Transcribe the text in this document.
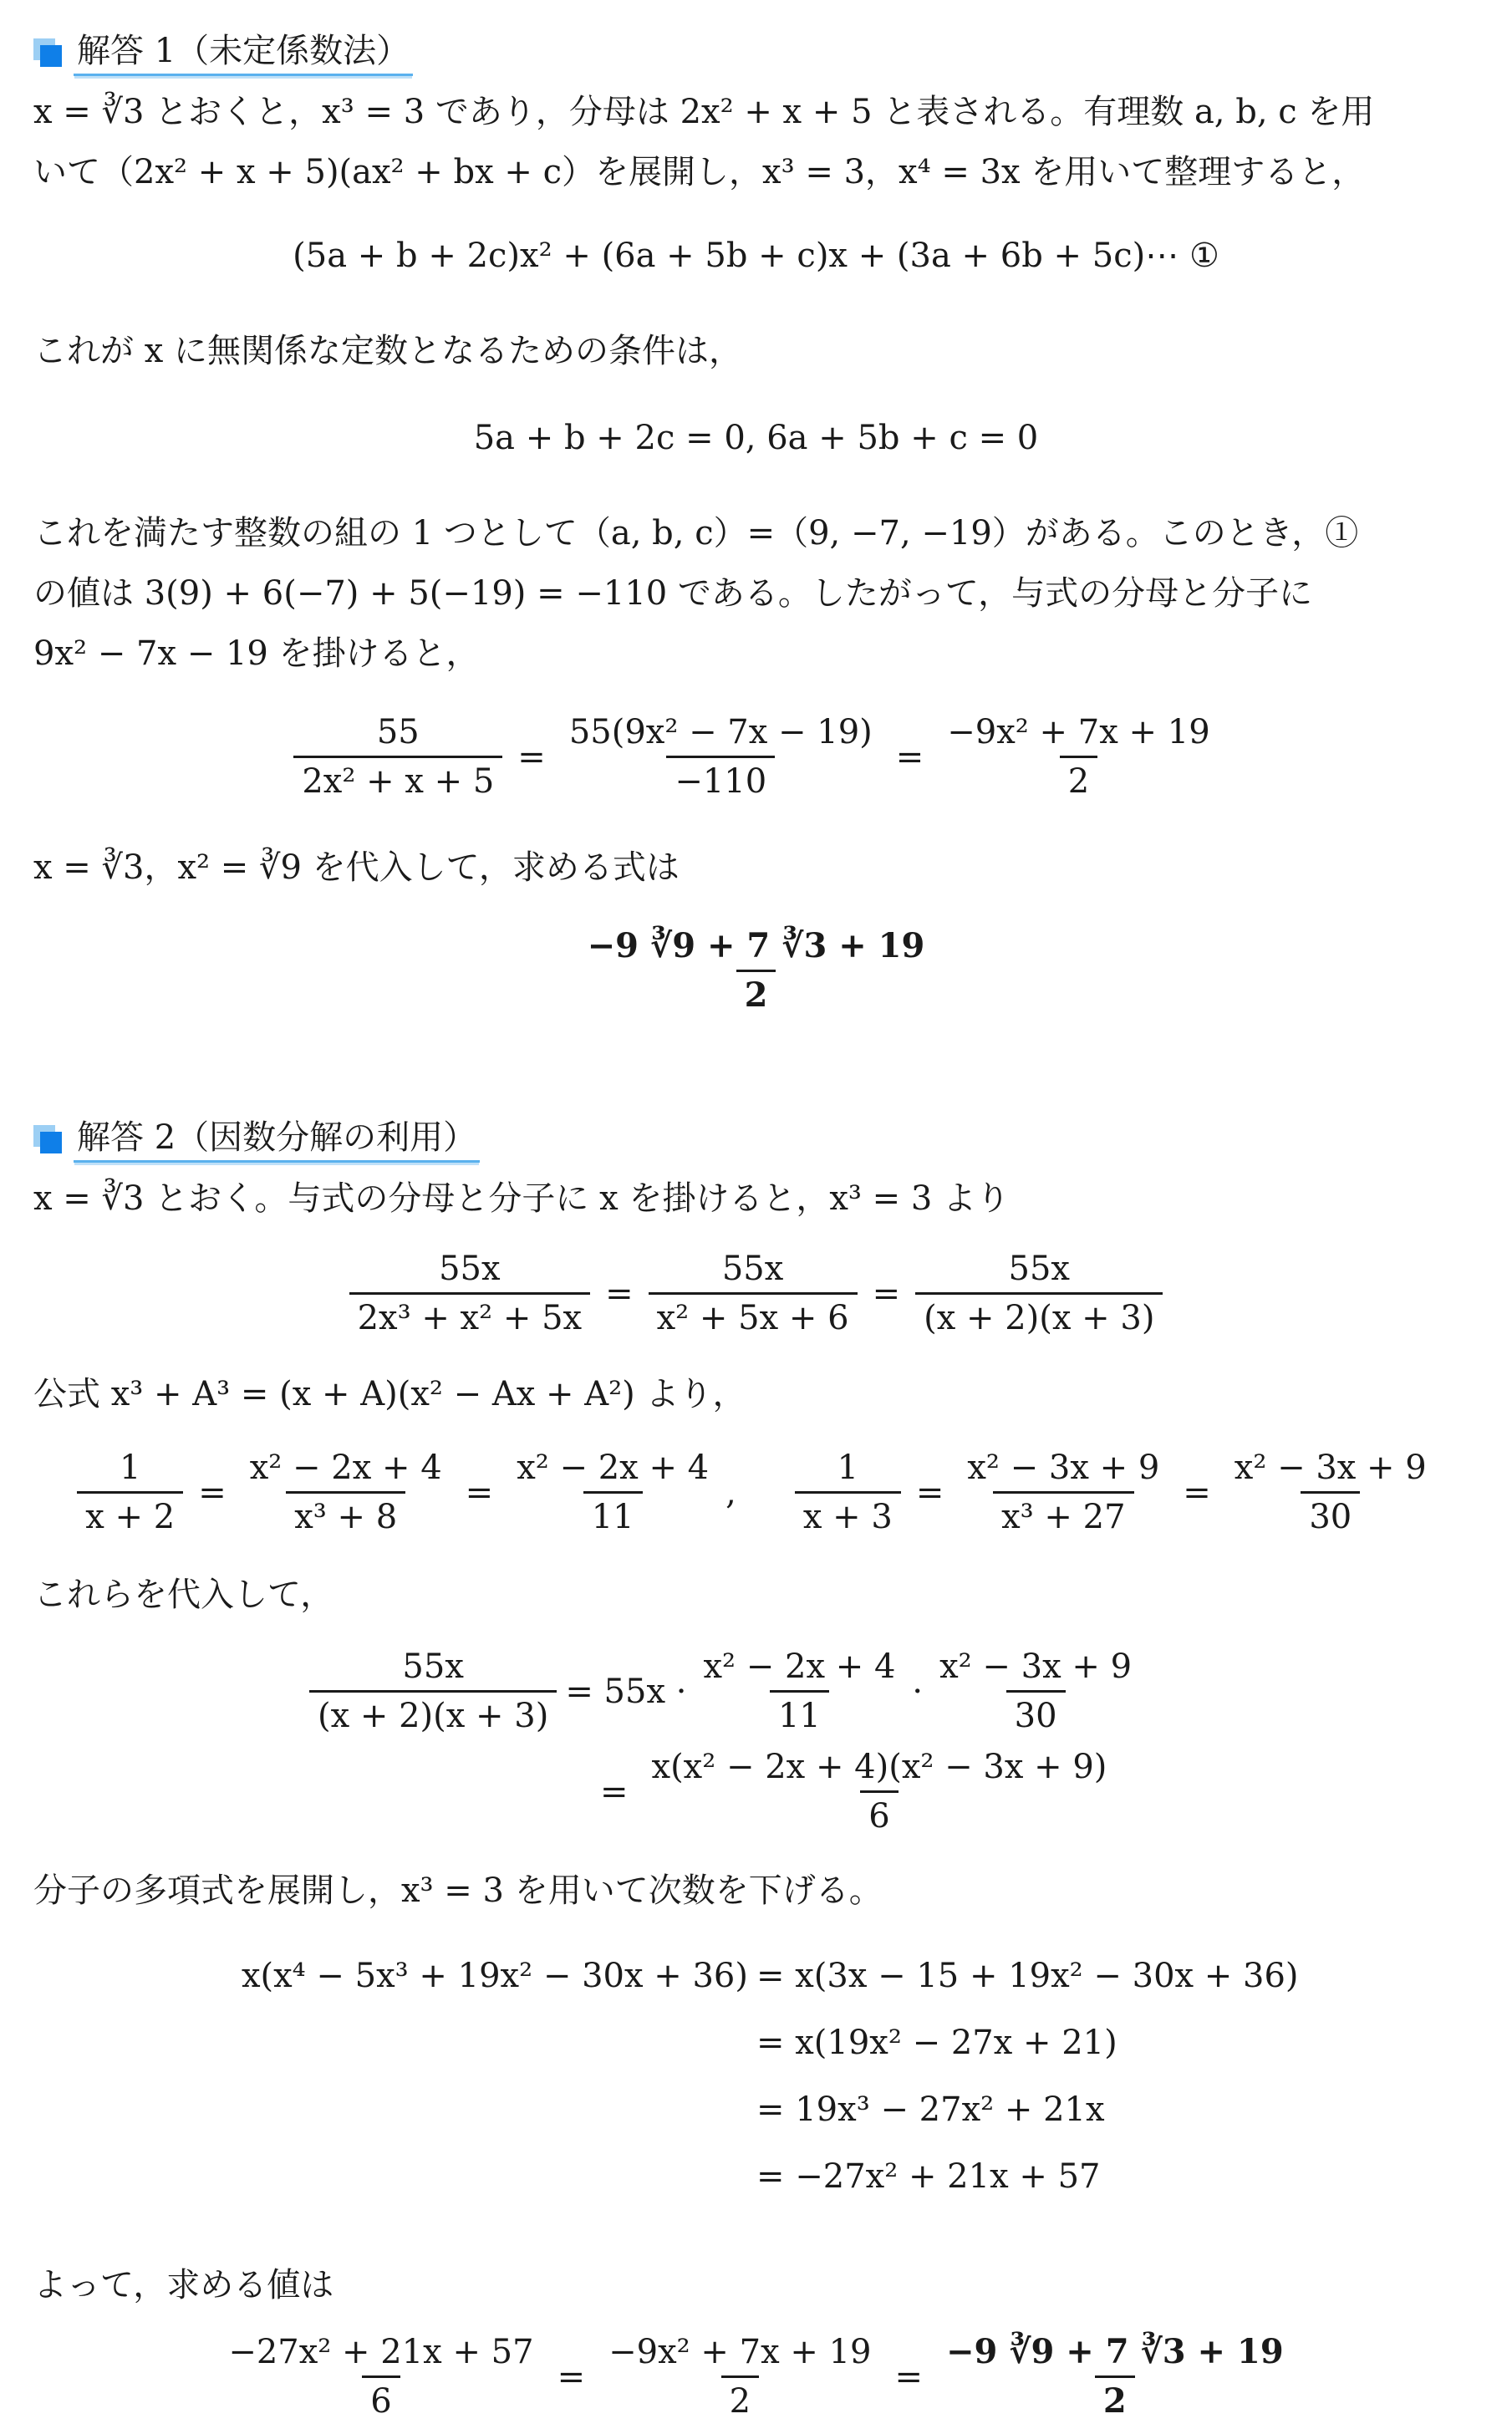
解答 1（未定係数法）
x = ∛3 とおくと，x³ = 3 であり，分母は 2x² + x + 5 と表される。有理数 a, b, c を用
いて（2x² + x + 5)(ax² + bx + c）を展開し，x³ = 3，x⁴ = 3x を用いて整理すると，
(5a + b + 2c)x² + (6a + 5b + c)x + (3a + 6b + 5c)⋯ ①
これが x に無関係な定数となるための条件は，
5a + b + 2c = 0, 6a + 5b + c = 0
これを満たす整数の組の 1 つとして（a, b, c）=（9, −7, −19）がある。このとき，①
の値は 3(9) + 6(−7) + 5(−19) = −110 である。したがって，与式の分母と分子に
9x² − 7x − 19 を掛けると，
$\frac{55}{\text{2x² + x + 5}} = \frac{\text{55(9x² − 7x − 19)}}{-110} = \frac{\text{−9x² + 7x + 19}}{2}$
x = ∛3，x² = ∛9 を代入して，求める式は
$\frac{-9 ∛9 + 7 ∛3 + 19}{2}$
解答 2（因数分解の利用）
x = ∛3 とおく。与式の分母と分子に x を掛けると，x³ = 3 より
$\frac{55x}{\text{2x³ + x² + 5x}} = \frac{55x}{\text{x² + 5x + 6}} = \frac{55x}{(x + 2)(x + 3)}$
公式 x³ + A³ = (x + A)(x² − Ax + A²) より，
$\frac{1}{x + 2} = \frac{\text{x² − 2x + 4}}{\text{x³ + 8}} = \frac{\text{x² − 2x + 4}}{11}$ , $\frac{1}{x + 3} = \frac{\text{x² − 3x + 9}}{\text{x³ + 27}} = \frac{\text{x² − 3x + 9}}{30}$
これらを代入して，
$\frac{55x}{(x + 2)(x + 3)} = 55x \cdot \frac{\text{x² − 2x + 4}}{11} \cdot \frac{\text{x² − 3x + 9}}{30}$
= $\frac{\text{x(x² − 2x + 4)(x² − 3x + 9)}}{6}$
分子の多項式を展開し，x³ = 3 を用いて次数を下げる。
x(x⁴ − 5x³ + 19x² − 30x + 36) = x(3x − 15 + 19x² − 30x + 36)
= x(19x² − 27x + 21)
= 19x³ − 27x² + 21x
= −27x² + 21x + 57
よって，求める値は
$\frac{\text{−27x² + 21x + 57}}{6} = \frac{\text{−9x² + 7x + 19}}{2} = \frac{-9 ∛9 + 7 ∛3 + 19}{2}$
